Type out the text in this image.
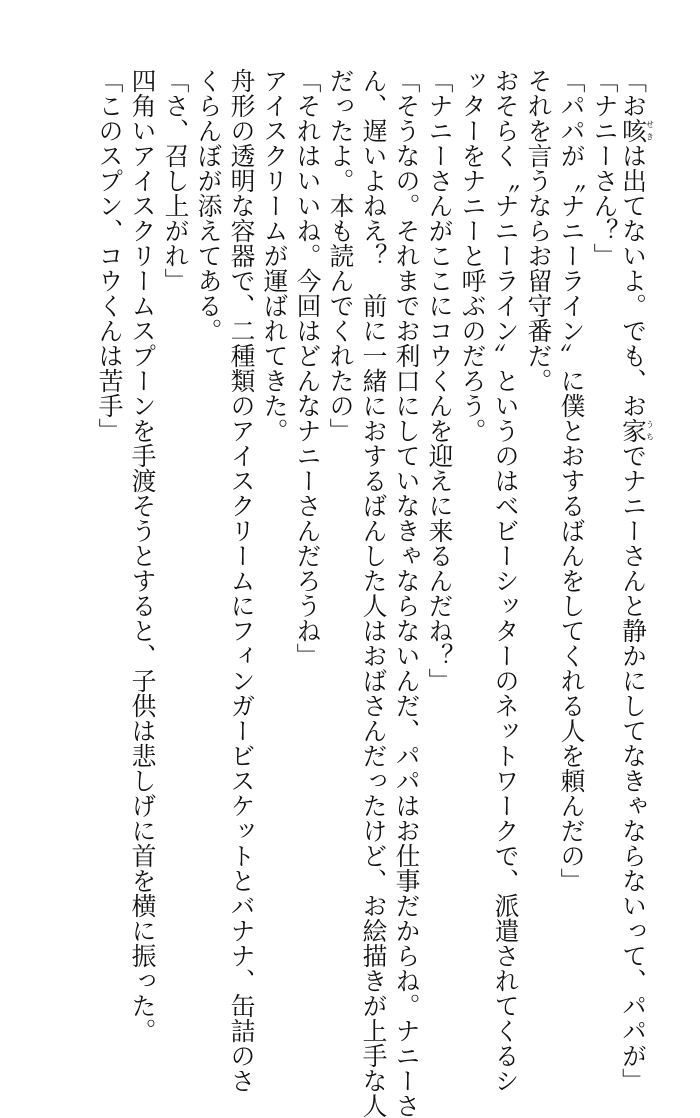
「お咳せきは出てないよ。でも、お家うちでナニーさんと静かにしてなきゃならないって、パパが」
「ナニーさん？」
「パパが〝ナニーライン〟に僕とおするばんをしてくれる人を頼んだの」
それを言うならお留守番だ。
おそらく〝ナニーライン〟というのはベビーシッターのネットワークで、派遣されてくるシ
ッターをナニーと呼ぶのだろう。
「ナニーさんがここにコウくんを迎えに来るんだね？」
「そうなの。それまでお利口にしていなきゃならないんだ、パパはお仕事だからね。ナニーさ
ん、遅いよねえ？　前に一緒におするばんした人はおばさんだったけど、お絵描きが上手な人
だったよ。本も読んでくれたの」
「それはいいね。今回はどんなナニーさんだろうね」
アイスクリームが運ばれてきた。
舟形の透明な容器で、二種類のアイスクリームにフィンガービスケットとバナナ、缶詰のさ
くらんぼが添えてある。
「さ、召し上がれ」
四角いアイスクリームスプーンを手渡そうとすると、子供は悲しげに首を横に振った。
「このスプン、コウくんは苦手」
